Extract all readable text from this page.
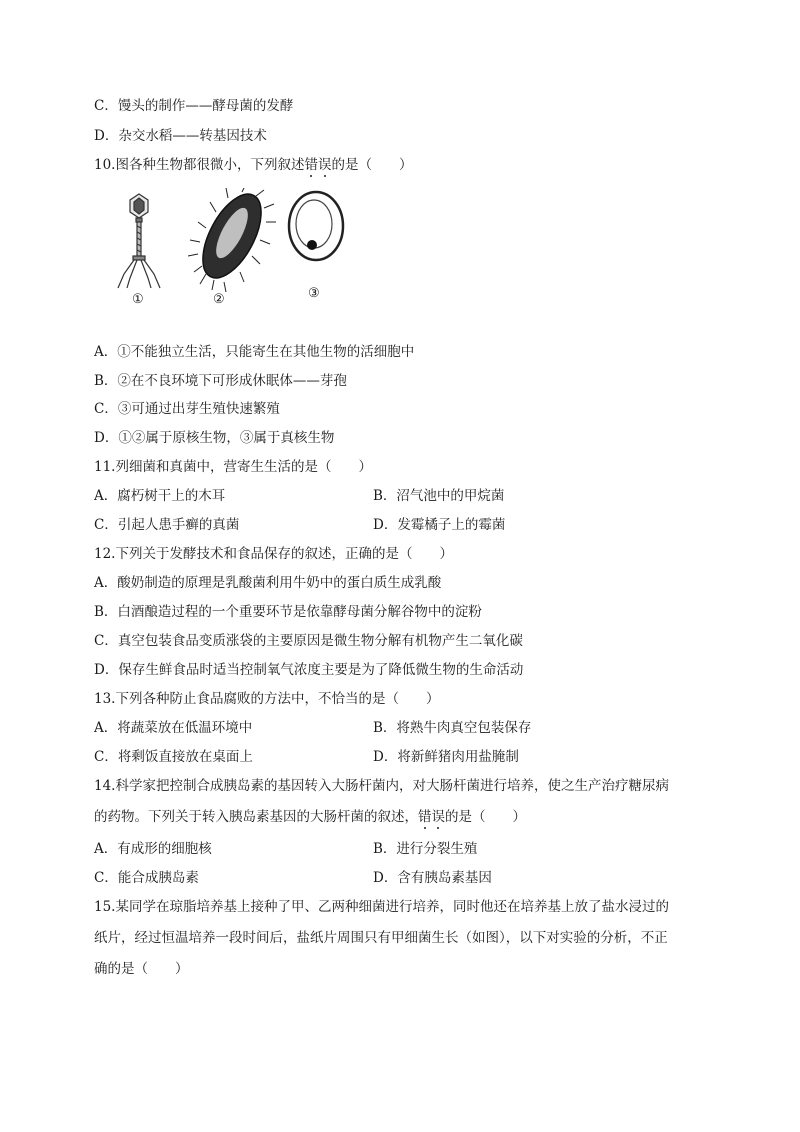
C．馒头的制作——酵母菌的发酵
D．杂交水稻——转基因技术
10.图各种生物都很微小，下列叙述错误的是（　　）
①	②	③
A．①不能独立生活，只能寄生在其他生物的活细胞中
B．②在不良环境下可形成休眠体——芽孢
C．③可通过出芽生殖快速繁殖
D．①②属于原核生物，③属于真核生物
11.列细菌和真菌中，营寄生生活的是（　　）
A．腐朽树干上的木耳	B．沼气池中的甲烷菌
C．引起人患手癣的真菌	D．发霉橘子上的霉菌
12.下列关于发酵技术和食品保存的叙述，正确的是（　　）
A．酸奶制造的原理是乳酸菌利用牛奶中的蛋白质生成乳酸
B．白酒酿造过程的一个重要环节是依靠酵母菌分解谷物中的淀粉
C．真空包装食品变质涨袋的主要原因是微生物分解有机物产生二氧化碳
D．保存生鲜食品时适当控制氧气浓度主要是为了降低微生物的生命活动
13.下列各种防止食品腐败的方法中，不恰当的是（　　）
A．将蔬菜放在低温环境中	B．将熟牛肉真空包装保存
C．将剩饭直接放在桌面上	D．将新鲜猪肉用盐腌制
14.科学家把控制合成胰岛素的基因转入大肠杆菌内，对大肠杆菌进行培养，使之生产治疗糖尿病
的药物。下列关于转入胰岛素基因的大肠杆菌的叙述，错误的是（　　）
A．有成形的细胞核	B．进行分裂生殖
C．能合成胰岛素	D．含有胰岛素基因
15.某同学在琼脂培养基上接种了甲、乙两种细菌进行培养，同时他还在培养基上放了盐水浸过的
纸片，经过恒温培养一段时间后，盐纸片周围只有甲细菌生长（如图），以下对实验的分析，不正
确的是（　　）
